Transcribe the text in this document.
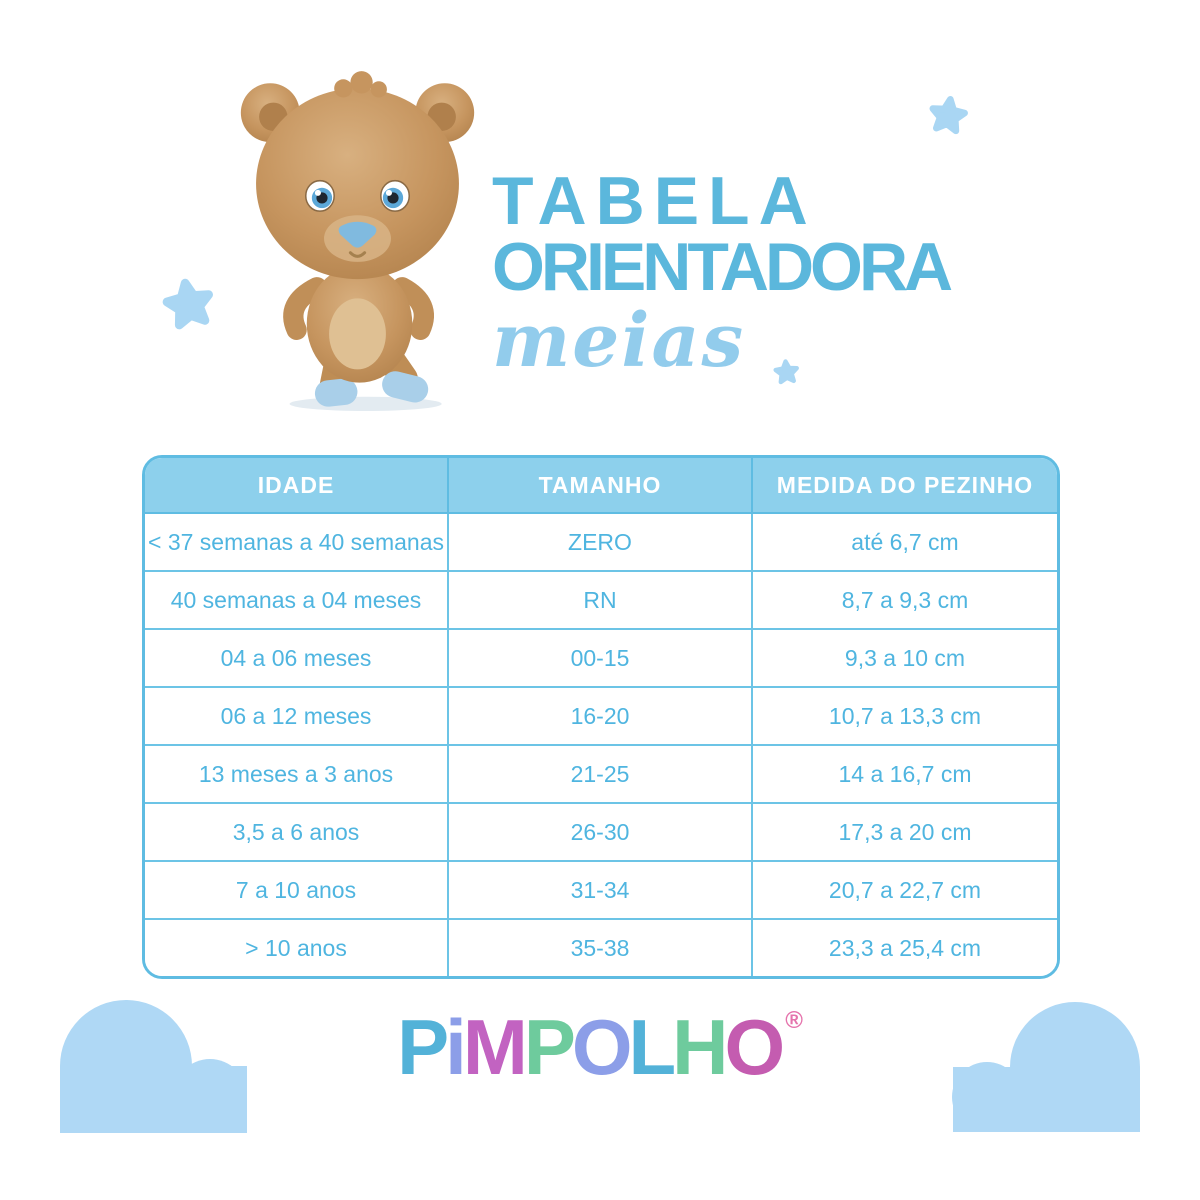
TABELA
ORIENTADORA
meias
IDADE	TAMANHO	MEDIDA DO PEZINHO
< 37 semanas a 40 semanas	ZERO	até 6,7 cm
40 semanas a 04 meses	RN	8,7 a 9,3 cm
04 a 06 meses	00-15	9,3 a 10 cm
06 a 12 meses	16-20	10,7 a 13,3 cm
13 meses a 3 anos	21-25	14 a 16,7 cm
3,5 a 6 anos	26-30	17,3 a 20 cm
7 a 10 anos	31-34	20,7 a 22,7 cm
> 10 anos	35-38	23,3 a 25,4 cm
PiMPOLHO ®
